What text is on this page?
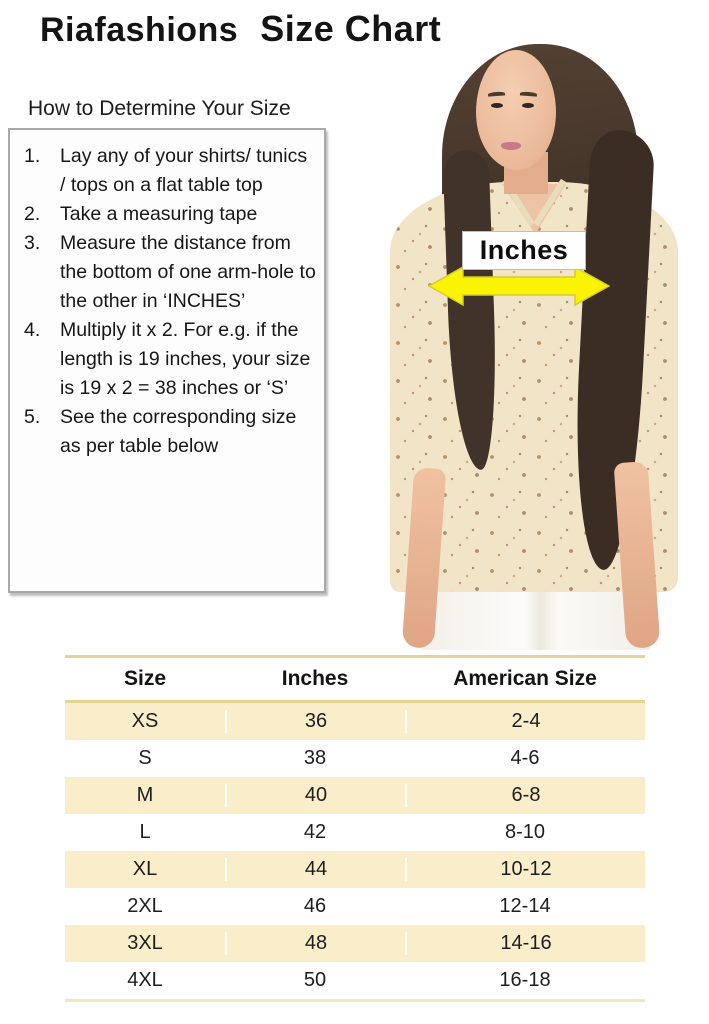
Riafashions Size Chart
How to Determine Your Size
Lay any of your shirts/ tunics / tops on a flat table top
Take a measuring tape
Measure the distance from the bottom of one arm-hole to the other in ‘INCHES’
Multiply it x 2. For e.g. if the length is 19 inches, your size is 19 x 2 = 38 inches or ‘S’
See the corresponding size as per table below
Inches
Size	Inches	American Size
XS	36	2-4
S	38	4-6
M	40	6-8
L	42	8-10
XL	44	10-12
2XL	46	12-14
3XL	48	14-16
4XL	50	16-18
